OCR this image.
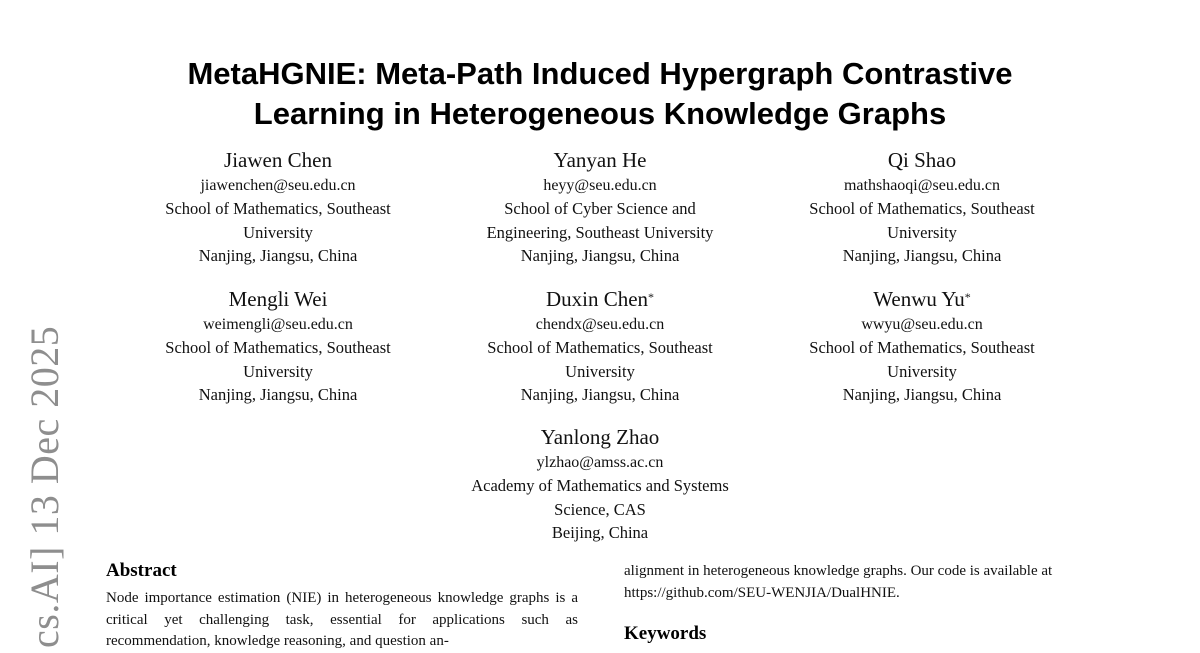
cs.AI] 13 Dec 2025
MetaHGNIE: Meta-Path Induced Hypergraph Contrastive
Learning in Heterogeneous Knowledge Graphs
Jiawen Chen
jiawenchen@seu.edu.cn
School of Mathematics, Southeast
University
Nanjing, Jiangsu, China
Yanyan He
heyy@seu.edu.cn
School of Cyber Science and
Engineering, Southeast University
Nanjing, Jiangsu, China
Qi Shao
mathshaoqi@seu.edu.cn
School of Mathematics, Southeast
University
Nanjing, Jiangsu, China
Mengli Wei
weimengli@seu.edu.cn
School of Mathematics, Southeast
University
Nanjing, Jiangsu, China
Duxin Chen*
chendx@seu.edu.cn
School of Mathematics, Southeast
University
Nanjing, Jiangsu, China
Wenwu Yu*
wwyu@seu.edu.cn
School of Mathematics, Southeast
University
Nanjing, Jiangsu, China
Yanlong Zhao
ylzhao@amss.ac.cn
Academy of Mathematics and Systems
Science, CAS
Beijing, China
Abstract
Node importance estimation (NIE) in heterogeneous knowledge graphs is a critical yet challenging task, essential for applications such as recommendation, knowledge reasoning, and question an-
alignment in heterogeneous knowledge graphs. Our code is available at https://github.com/SEU-WENJIA/DualHNIE.
Keywords
